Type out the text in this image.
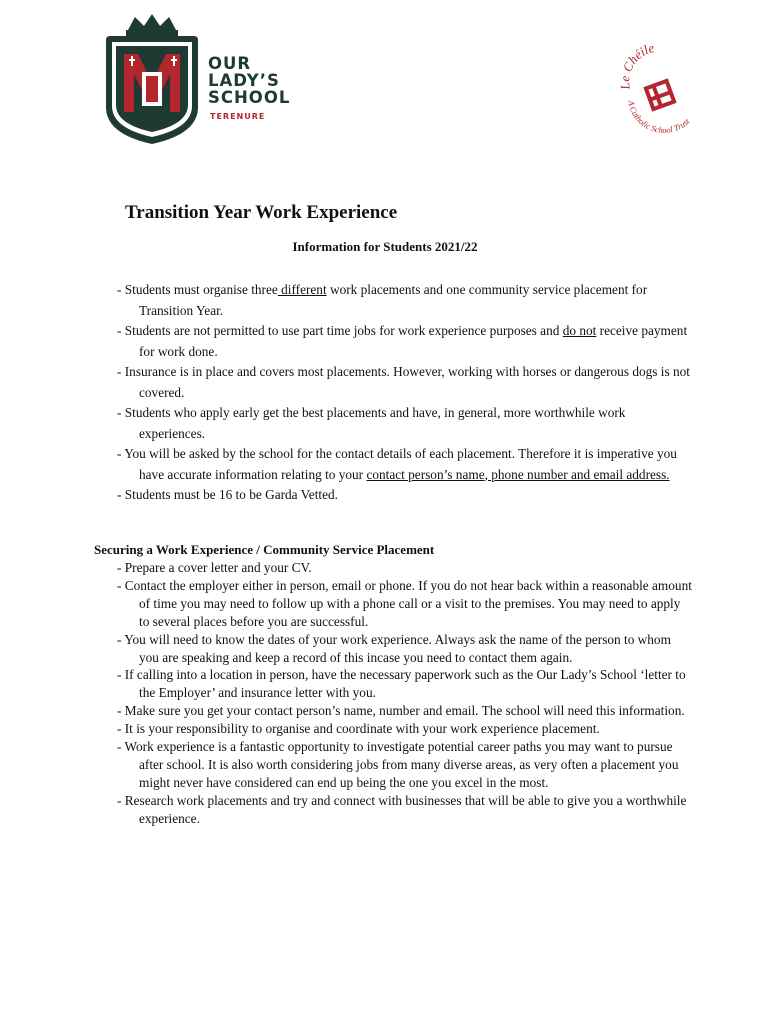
OUR
LADY’S
SCHOOL
TERENURE
Le Chéile
A Catholic School Trust
Transition Year Work Experience
Information for Students 2021/22
- Students must organise three different work placements and one community service placement for Transition Year.
- Students are not permitted to use part time jobs for work experience purposes and do not receive payment for work done.
- Insurance is in place and covers most placements. However, working with horses or dangerous dogs is not covered.
- Students who apply early get the best placements and have, in general, more worthwhile work experiences.
- You will be asked by the school for the contact details of each placement. Therefore it is imperative you have accurate information relating to your contact person’s name, phone number and email address.
- Students must be 16 to be Garda Vetted.
Securing a Work Experience / Community Service Placement
- Prepare a cover letter and your CV.
- Contact the employer either in person, email or phone. If you do not hear back within a reasonable amount of time you may need to follow up with a phone call or a visit to the premises. You may need to apply to several places before you are successful.
- You will need to know the dates of your work experience. Always ask the name of the person to whom you are speaking and keep a record of this incase you need to contact them again.
- If calling into a location in person, have the necessary paperwork such as the Our Lady’s School ‘letter to the Employer’ and insurance letter with you.
- Make sure you get your contact person’s name, number and email. The school will need this information.
- It is your responsibility to organise and coordinate with your work experience placement.
- Work experience is a fantastic opportunity to investigate potential career paths you may want to pursue after school. It is also worth considering jobs from many diverse areas, as very often a placement you might never have considered can end up being the one you excel in the most.
- Research work placements and try and connect with businesses that will be able to give you a worthwhile experience.
